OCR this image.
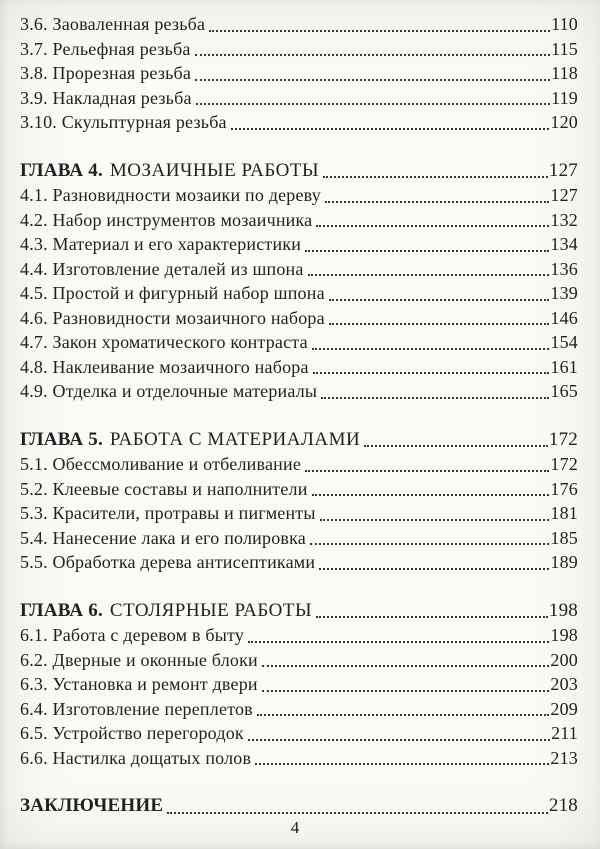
3.6. Заоваленная резьба	110
3.7. Рельефная резьба	115
3.8. Прорезная резьба	118
3.9. Накладная резьба	119
3.10. Скульптурная резьба	120
ГЛАВА 4. МОЗАИЧНЫЕ РАБОТЫ	127
4.1. Разновидности мозаики по дереву	127
4.2. Набор инструментов мозаичника	132
4.3. Материал и его характеристики	134
4.4. Изготовление деталей из шпона	136
4.5. Простой и фигурный набор шпона	139
4.6. Разновидности мозаичного набора	146
4.7. Закон хроматического контраста	154
4.8. Наклеивание мозаичного набора	161
4.9. Отделка и отделочные материалы	165
ГЛАВА 5. РАБОТА С МАТЕРИАЛАМИ	172
5.1. Обессмоливание и отбеливание	172
5.2. Клеевые составы и наполнители	176
5.3. Красители, протравы и пигменты	181
5.4. Нанесение лака и его полировка	185
5.5. Обработка дерева антисептиками	189
ГЛАВА 6. СТОЛЯРНЫЕ РАБОТЫ	198
6.1. Работа с деревом в быту	198
6.2. Дверные и оконные блоки	200
6.3. Установка и ремонт двери	203
6.4. Изготовление переплетов	209
6.5. Устройство перегородок	211
6.6. Настилка дощатых полов	213
ЗАКЛЮЧЕНИЕ	218
4
